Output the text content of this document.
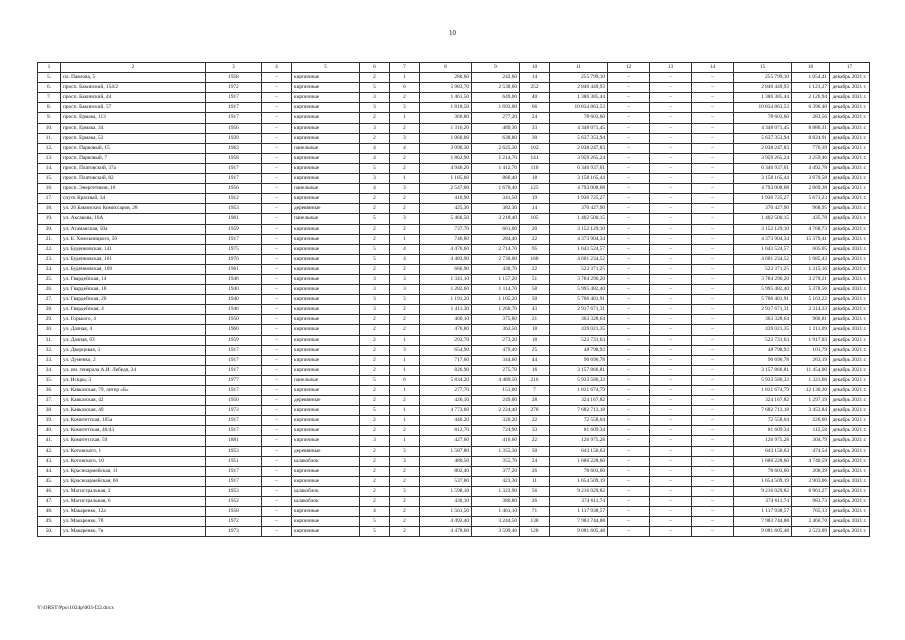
10
1	2	3	4	5	6	7	8	9	10	11	12	13	14	15	16	17
5.	пл. Павлова, 5	1958	–	кирпичные	2	1	280,60	242,60	14	255 799,10	–	–	–	255 799,10	1 054,41	декабрь 2021 г.
6.	просп. Бакинский, 154/2	1972	–	кирпичные	5	6	5 983,70	2 538,60	252	2 846 449,93	–	–	–	2 846 449,93	1 121,27	декабрь 2021 г.
7.	просп. Бакинский, 44	1917	–	кирпичные	3	2	1 461,50	649,00	40	1 380 385,44	–	–	–	1 380 385,44	2 126,94	декабрь 2021 г.
8.	просп. Бакинский, 57	1917	–	кирпичные	3	3	1 818,50	1 693,00	66	10 834 863,53	–	–	–	10 834 863,53	6 396,40	декабрь 2021 г.
9.	просп. Ермака, 113	1917	–	кирпичные	2	1	366,80	277,20	24	78 603,60	–	–	–	78 603,60	283,56	декабрь 2021 г.
10.	просп. Ермака, 34	1956	–	кирпичные	3	2	1 316,20	489,30	33	4 348 071,45	–	–	–	4 348 071,45	8 886,31	декабрь 2021 г.
11.	просп. Ермака, 52	1939	–	кирпичные	2	3	1 060,00	638,80	30	5 637 353,94	–	–	–	5 637 353,94	8 824,91	декабрь 2021 г.
12.	просп. Парковый, 15	1963	–	панельные	4	4	3 090,30	2 625,30	102	2 038 247,83	–	–	–	2 038 247,83	776,39	декабрь 2021 г.
13.	просп. Парковый, 7	1958	–	кирпичные	4	2	1 862,90	1 214,70	141	3 959 265,24	–	–	–	3 959 265,24	3 259,46	декабрь 2021 г.
14.	просп. Платовский, 37а	1917	–	кирпичные	5	2	4 946,20	1 412,70	110	6 346 937,01	–	–	–	6 346 937,01	4 492,78	декабрь 2021 г.
15.	просп. Платовский, 82	1917	–	кирпичные	3	1	1 185,60	860,40	18	3 158 165,44	–	–	–	3 158 165,44	3 670,58	декабрь 2021 г.
16.	просп. Энергетиков, 16	1956	–	панельные	4	3	2 547,00	1 670,40	125	4 793 008,68	–	–	–	4 793 008,68	2 869,38	декабрь 2021 г.
17.	спуск Красный, 34	1912	–	кирпичные	2	2	410,90	341,50	19	1 936 725,27	–	–	–	1 936 725,27	5 671,23	декабрь 2021 г.
18.	ул. 26 Бакинских Комиссаров, 28	1953	–	деревянные	2	2	425,30	382,30	14	370 427,90	–	–	–	370 427,90	968,95	декабрь 2021 г.
19.	ул. Аксакова, 16А	1961	–	панельные	5	3	5 466,50	3 218,40	105	1 402 500,15	–	–	–	1 402 500,15	435,78	декабрь 2021 г.
20.	ул. Атаманская, 50а	1959	–	кирпичные	2	2	737,70	661,00	20	3 152 129,10	–	–	–	3 152 129,10	4 768,73	декабрь 2021 г.
21.	ул. Б. Хмельницкого, 56	1917	–	кирпичные	2	1	746,80	284,40	22	4 373 904,34	–	–	–	4 373 904,34	15 379,41	декабрь 2021 г.
22.	ул. Буденновская, 141	1975	–	кирпичные	5	4	4 476,60	2 714,70	95	1 642 524,57	–	–	–	1 642 524,57	605,05	декабрь 2021 г.
23.	ул. Буденновская, 161	1976	–	кирпичные	5	4	4 483,90	2 730,00	168	4 601 234,52	–	–	–	4 601 234,52	1 685,43	декабрь 2021 г.
24.	ул. Буденновская, 169	1961	–	кирпичные	2	2	666,90	430,70	22	523 371,25	–	–	–	523 371,25	1 215,16	декабрь 2021 г.
25.	ул. Гвардейская, 14	1946	–	кирпичные	3	3	1 341,10	1 157,20	51	3 784 290,20	–	–	–	3 784 290,20	3 270,21	декабрь 2021 г.
26.	ул. Гвардейская, 18	1940	–	кирпичные	3	3	1 282,60	1 114,70	58	5 995 482,40	–	–	–	5 995 482,40	5 378,56	декабрь 2021 г.
27.	ул. Гвардейская, 20	1940	–	кирпичные	3	3	1 191,20	1 105,20	50	5 706 401,91	–	–	–	5 706 401,91	5 163,22	декабрь 2021 г.
28.	ул. Гвардейская, 4	1946	–	кирпичные	3	2	1 411,30	1 260,70	43	2 917 671,31	–	–	–	2 917 671,31	2 314,33	декабрь 2021 г.
29.	ул. Горького, 4	1950	–	кирпичные	2	2	466,10	375,80	21	363 328,64	–	–	–	363 328,64	966,81	декабрь 2021 г.
30.	ул. Дачная, 4	1960	–	кирпичные	2	2	476,80	362,50	18	439 021,35	–	–	–	439 021,35	1 211,09	декабрь 2021 г.
31.	ул. Дачная, 63	1959	–	кирпичные	2	1	293,70	273,20	18	523 731,63	–	–	–	523 731,63	1 917,03	декабрь 2021 г.
32.	ул. Дворцовая, 3	1917	–	кирпичные	2	3	654,90	479,40	25	48 798,93	–	–	–	48 798,93	101,79	декабрь 2021 г.
33.	ул. Думенко, 2	1917	–	кирпичные	2	1	717,60	344,60	44	90 696,78	–	–	–	90 696,78	263,19	декабрь 2021 г.
34.	ул. им. генерала А.И. Лебедя, 24	1917	–	кирпичные	2	1	826,90	275,70	16	3 157 866,81	–	–	–	3 157 866,81	11 454,00	декабрь 2021 г.
35.	ул. Искры, 3	1977	–	панельные	5	6	5 834,20	4 489,50	216	5 933 586,33	–	–	–	5 933 586,33	1 321,66	декабрь 2021 г.
36.	ул. Кавказская, 79, литер «Б»	1917	–	кирпичные	2	1	277,70	151,00	7	1 831 674,79	–	–	–	1 831 674,79	12 130,30	декабрь 2021 г.
37.	ул. Кавказская, 42	1950	–	деревянные	2	2	426,10	249,00	28	324 167,82	–	–	–	324 167,82	1 297,19	декабрь 2021 г.
38.	ул. Кавказская, 49	1973	–	кирпичные	5	1	4 773,60	2 224,40	278	7 682 713,18	–	–	–	7 682 713,18	3 453,84	декабрь 2021 г.
39.	ул. Комитетская, 105а	1917	–	кирпичные	2	1	440,20	320,20	22	72 558,04	–	–	–	72 558,04	226,60	декабрь 2021 г.
40.	ул. Комитетская, 46/43	1917	–	кирпичные	2	2	812,70	724,90	33	81 609,34	–	–	–	81 609,34	112,58	декабрь 2021 г.
41.	ул. Комитетская, 59	1881	–	кирпичные	3	1	427,60	416,60	22	126 975,28	–	–	–	126 975,28	304,79	декабрь 2021 г.
42.	ул. Котовского, 1	1953	–	деревянные	2	3	1 587,80	1 355,30	50	643 150,63	–	–	–	643 150,63	474,54	декабрь 2021 г.
43.	ул. Котовского, 10	1951	–	шлакоблок	2	3	480,50	355,70	24	1 686 228,60	–	–	–	1 686 228,60	4 740,59	декабрь 2021 г.
44.	ул. Красноармейская, 11	1917	–	кирпичные	2	2	802,40	377,20	26	78 603,60	–	–	–	78 603,60	208,39	декабрь 2021 г.
45.	ул. Красноармейская, 60	1917	–	кирпичные	2	2	537,80	423,30	11	1 654 509,19	–	–	–	1 654 509,19	3 903,06	декабрь 2021 г.
46.	ул. Магистральная, 2	1953	–	шлакоблок	2	3	1 598,10	1 323,90	56	9 216 029,82	–	–	–	9 216 029,82	6 961,27	декабрь 2021 г.
47.	ул. Магистральная, 6	1952	–	шлакоблок	2	2	430,10	380,80	26	374 611,74	–	–	–	374 611,74	983,73	декабрь 2021 г.
48.	ул. Макаренко, 12а	1958	–	кирпичные	4	2	1 561,50	1 461,10	71	1 117 938,57	–	–	–	1 117 938,57	765,13	декабрь 2021 г.
49.	ул. Макаренко, 7б	1972	–	кирпичные	5	2	4 492,40	3 244,50	138	7 983 744,88	–	–	–	7 983 744,88	2 460,70	декабрь 2021 г.
50.	ул. Макаренко, 7в	1973	–	кирпичные	5	2	4 478,60	3 599,40	128	9 081 605,48	–	–	–	9 081 605,48	2 523,09	декабрь 2021 г.
Y:\ORST\Ppo\1024p\003-f22.docx
